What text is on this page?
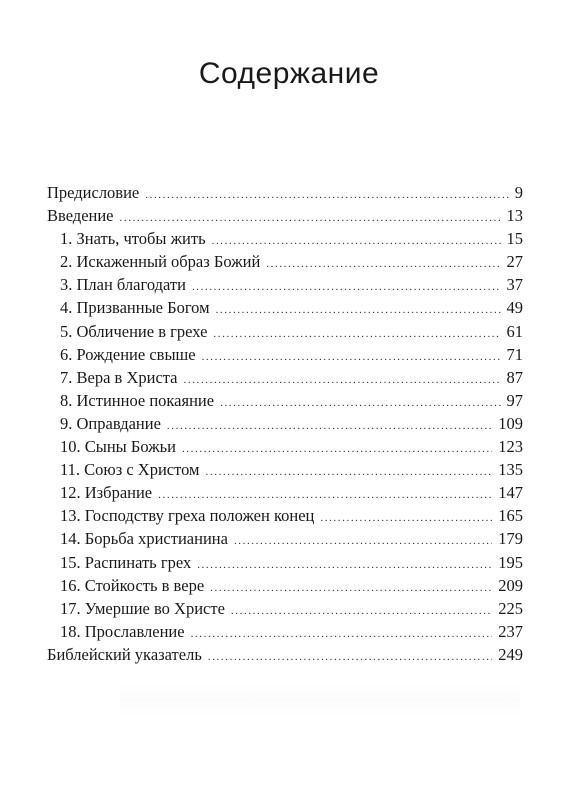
Содержание
Предисловие .....	9
Введение .....	13
1. Знать, чтобы жить .....	15
2. Искаженный образ Божий .....	27
3. План благодати .....	37
4. Призванные Богом .....	49
5. Обличение в грехе .....	61
6. Рождение свыше .....	71
7. Вера в Христа .....	87
8. Истинное покаяние .....	97
9. Оправдание .....	109
10. Сыны Божьи .....	123
11. Союз с Христом .....	135
12. Избрание .....	147
13. Господству греха положен конец .....	165
14. Борьба христианина .....	179
15. Распинать грех .....	195
16. Стойкость в вере .....	209
17. Умершие во Христе .....	225
18. Прославление .....	237
Библейский указатель .....	249
